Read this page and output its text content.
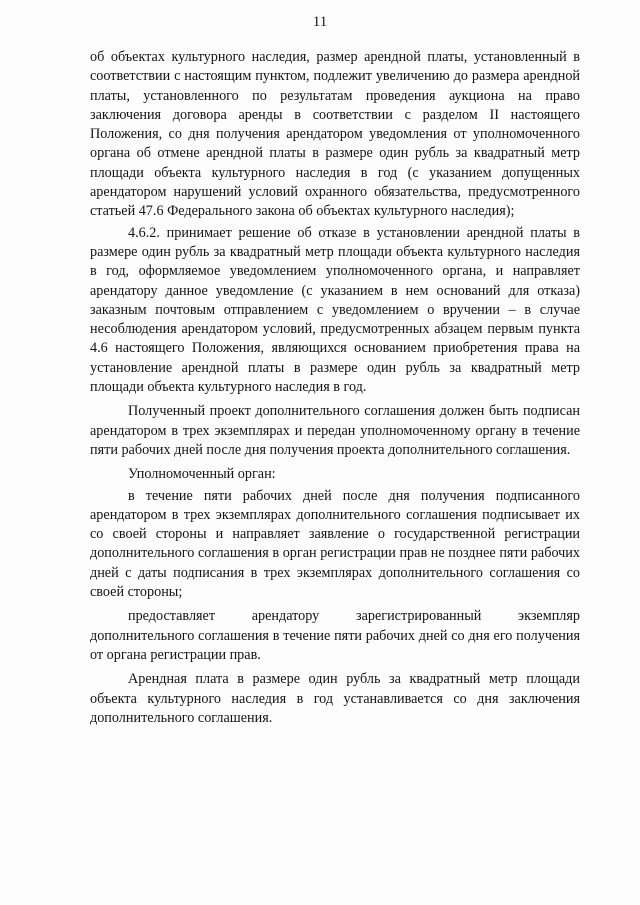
11

об объектах культурного наследия, размер арендной платы, установленный в соответствии с настоящим пунктом, подлежит увеличению до размера арендной платы, установленного по результатам проведения аукциона на право заключения договора аренды в соответствии с разделом II настоящего Положения, со дня получения арендатором уведомления от уполномоченного органа об отмене арендной платы в размере один рубль за квадратный метр площади объекта культурного наследия в год (с указанием допущенных арендатором нарушений условий охранного обязательства, предусмотренного статьей 47.6 Федерального закона об объектах культурного наследия);

4.6.2. принимает решение об отказе в установлении арендной платы в размере один рубль за квадратный метр площади объекта культурного наследия в год, оформляемое уведомлением уполномоченного органа, и направляет арендатору данное уведомление (с указанием в нем оснований для отказа) заказным почтовым отправлением с уведомлением о вручении – в случае несоблюдения арендатором условий, предусмотренных абзацем первым пункта 4.6 настоящего Положения, являющихся основанием приобретения права на установление арендной платы в размере один рубль за квадратный метр площади объекта культурного наследия в год.

Полученный проект дополнительного соглашения должен быть подписан арендатором в трех экземплярах и передан уполномоченному органу в течение пяти рабочих дней после дня получения проекта дополнительного соглашения.

Уполномоченный орган:

в течение пяти рабочих дней после дня получения подписанного арендатором в трех экземплярах дополнительного соглашения подписывает их со своей стороны и направляет заявление о государственной регистрации дополнительного соглашения в орган регистрации прав не позднее пяти рабочих дней с даты подписания в трех экземплярах дополнительного соглашения со своей стороны;

предоставляет арендатору зарегистрированный экземпляр дополнительного соглашения в течение пяти рабочих дней со дня его получения от органа регистрации прав.

Арендная плата в размере один рубль за квадратный метр площади объекта культурного наследия в год устанавливается со дня заключения дополнительного соглашения.
